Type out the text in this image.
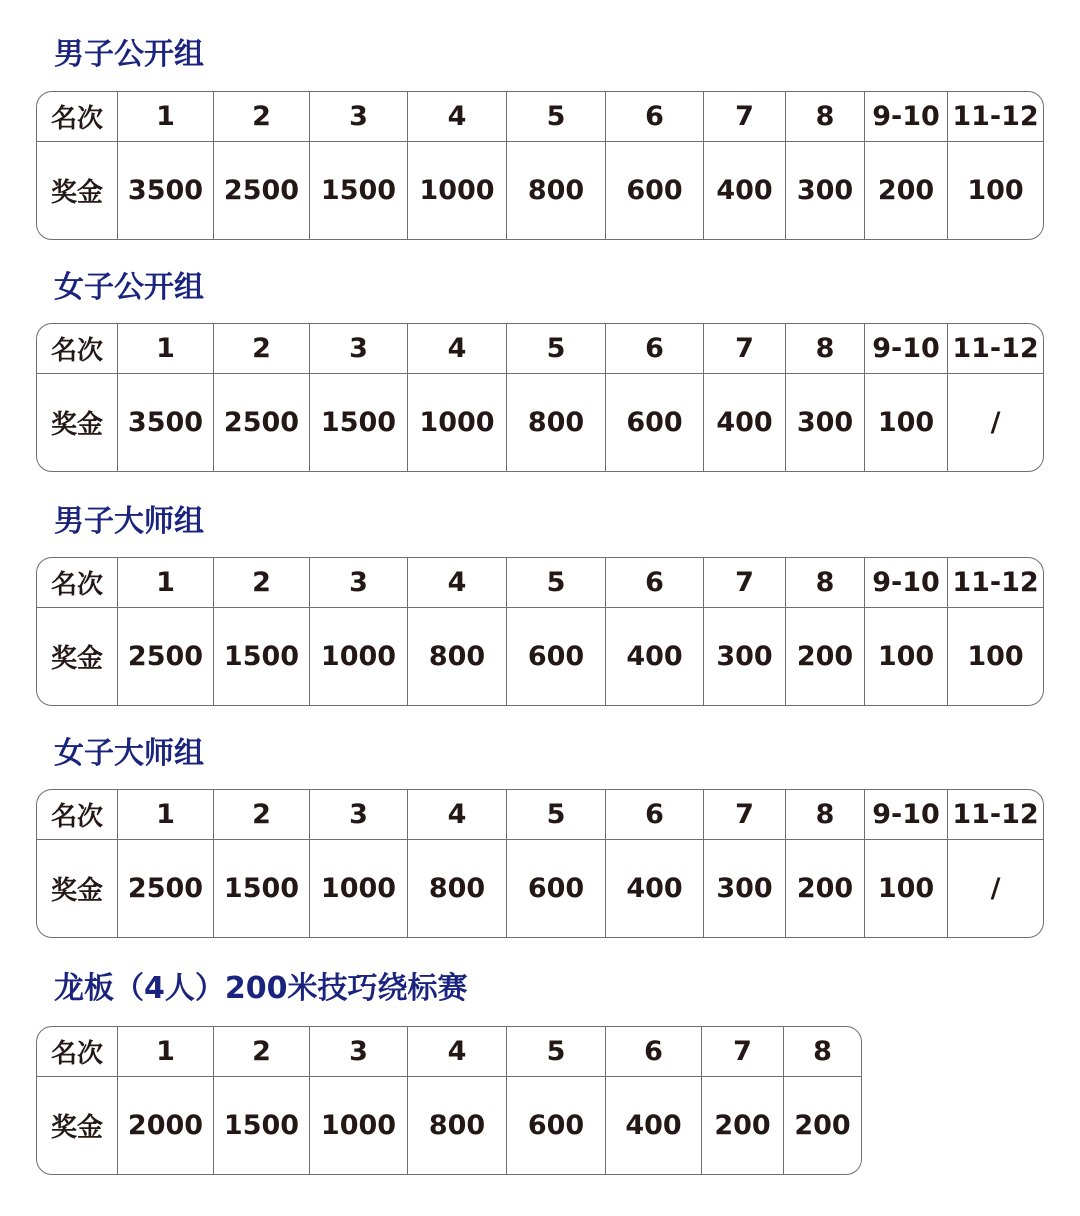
男子公开组
名次	1	2	3	4	5	6	7	8	9-10 11-12
奖金 3500 2500 1500 1000	800	600	400 300 200	100
女子公开组
名次	1	2	3	4	5	6	7	8	9-10 11-12
奖金 3500 2500 1500 1000	800	600	400 300 100	/
男子大师组
名次	1	2	3	4	5	6	7	8	9-10 11-12
奖金 2500 1500 1000	800	600	400	300 200 100	100
女子大师组
名次	1	2	3	4	5	6	7	8	9-10 11-12
奖金 2500 1500 1000	800	600	400	300 200 100	/
龙板（4人）200米技巧绕标赛
名次	1	2	3	4	5	6	7	8
奖金 2000 1500 1000	800	600	400	200 200
